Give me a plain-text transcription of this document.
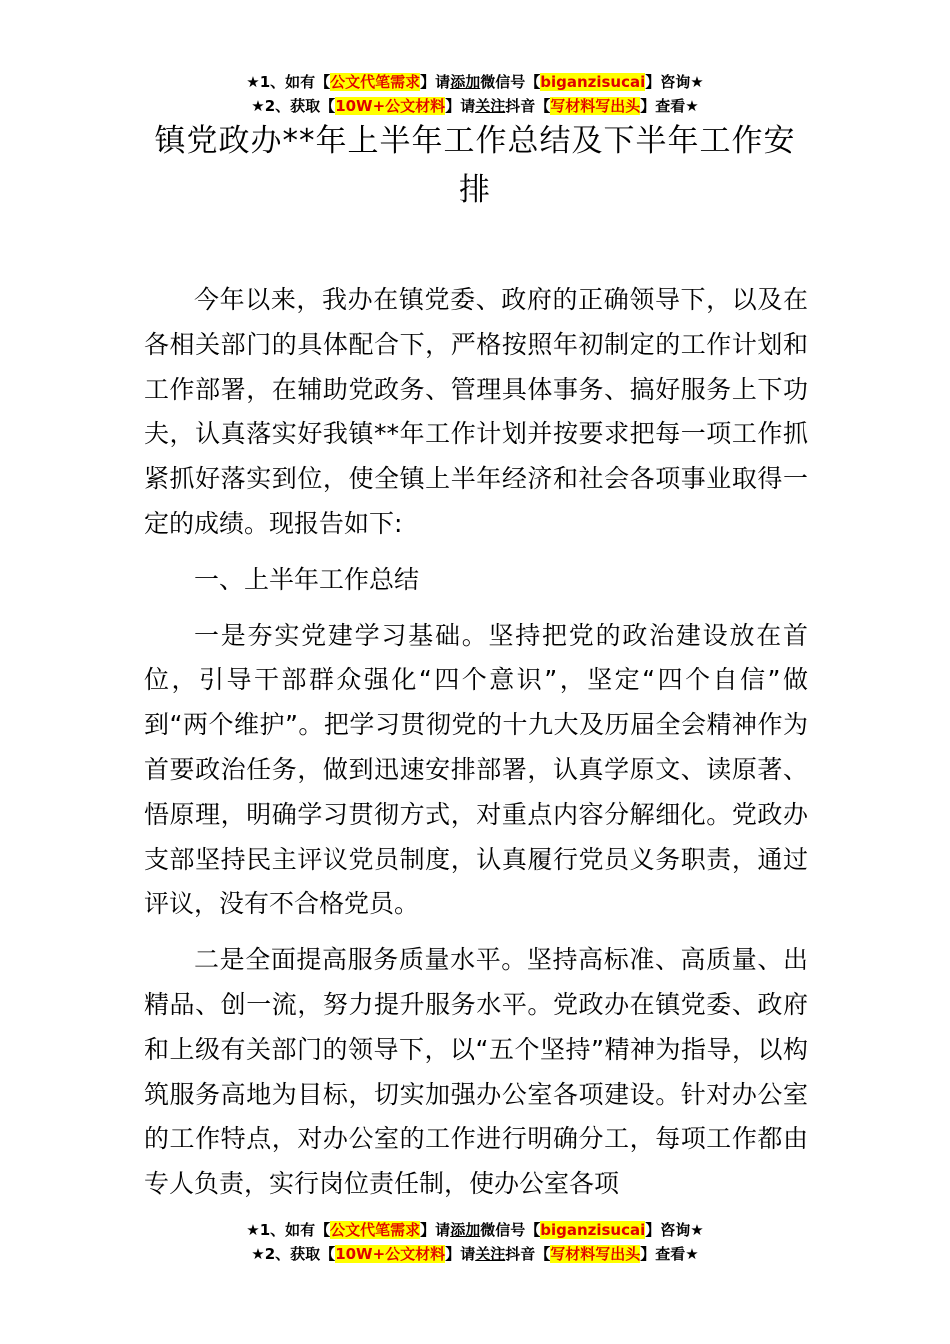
★1、如有【公文代笔需求】请添加微信号【biganzisucai】咨询★
★2、获取【10W+公文材料】请关注抖音【写材料写出头】查看★
镇党政办**年上半年工作总结及下半年工作安排

今年以来，我办在镇党委、政府的正确领导下，以及在各相关部门的具体配合下，严格按照年初制定的工作计划和工作部署，在辅助党政务、管理具体事务、搞好服务上下功夫，认真落实好我镇**年工作计划并按要求把每一项工作抓紧抓好落实到位，使全镇上半年经济和社会各项事业取得一定的成绩。现报告如下:

一、上半年工作总结

一是夯实党建学习基础。坚持把党的政治建设放在首位，引导干部群众强化“四个意识”，坚定“四个自信”做到“两个维护”。把学习贯彻党的十九大及历届全会精神作为首要政治任务，做到迅速安排部署，认真学原文、读原著、悟原理，明确学习贯彻方式，对重点内容分解细化。党政办支部坚持民主评议党员制度，认真履行党员义务职责，通过评议，没有不合格党员。

二是全面提高服务质量水平。坚持高标准、高质量、出精品、创一流，努力提升服务水平。党政办在镇党委、政府和上级有关部门的领导下，以“五个坚持”精神为指导，以构筑服务高地为目标，切实加强办公室各项建设。针对办公室的工作特点，对办公室的工作进行明确分工，每项工作都由专人负责，实行岗位责任制，使办公室各项

★1、如有【公文代笔需求】请添加微信号【biganzisucai】咨询★
★2、获取【10W+公文材料】请关注抖音【写材料写出头】查看★
